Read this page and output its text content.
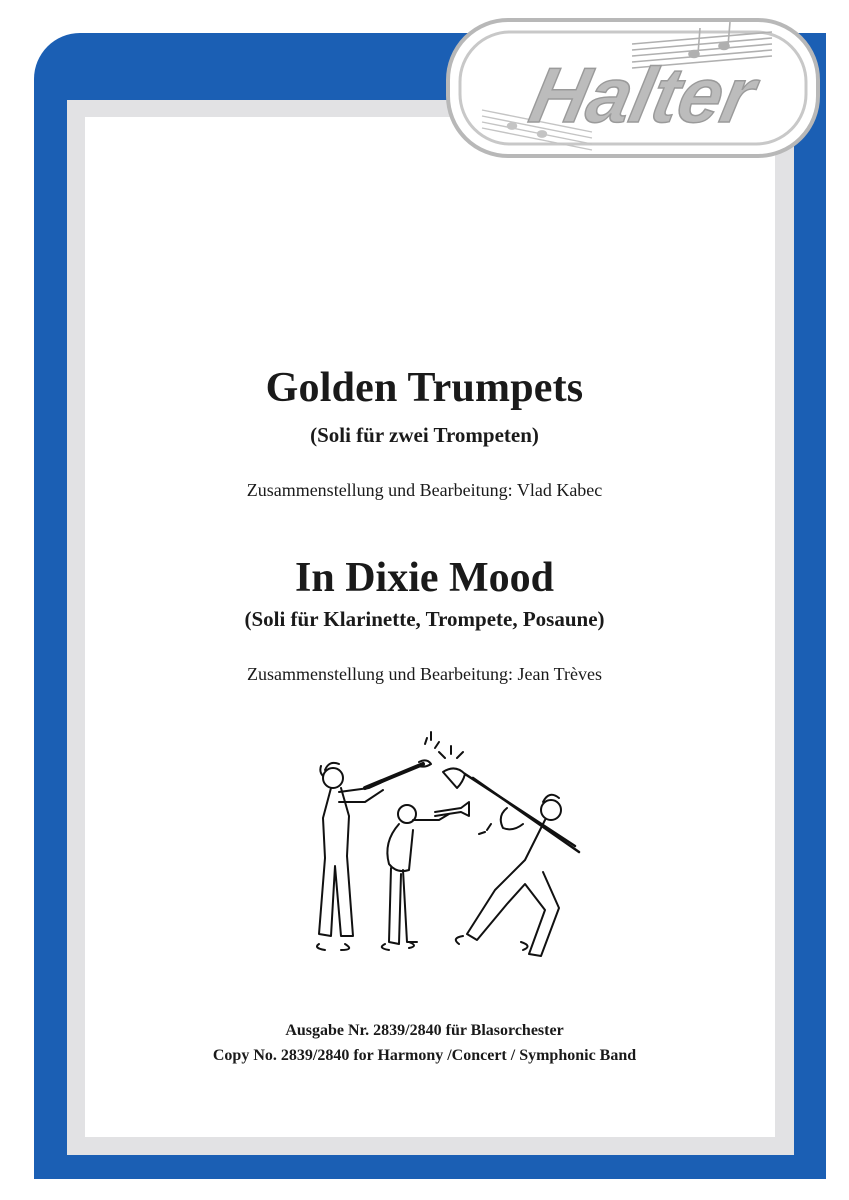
Halter
Golden Trumpets
(Soli für zwei Trompeten)
Zusammenstellung und Bearbeitung: Vlad Kabec
In Dixie Mood
(Soli für Klarinette, Trompete, Posaune)
Zusammenstellung und Bearbeitung: Jean Trèves
Ausgabe Nr. 2839/2840 für Blasorchester
Copy No. 2839/2840 for Harmony /Concert / Symphonic Band
